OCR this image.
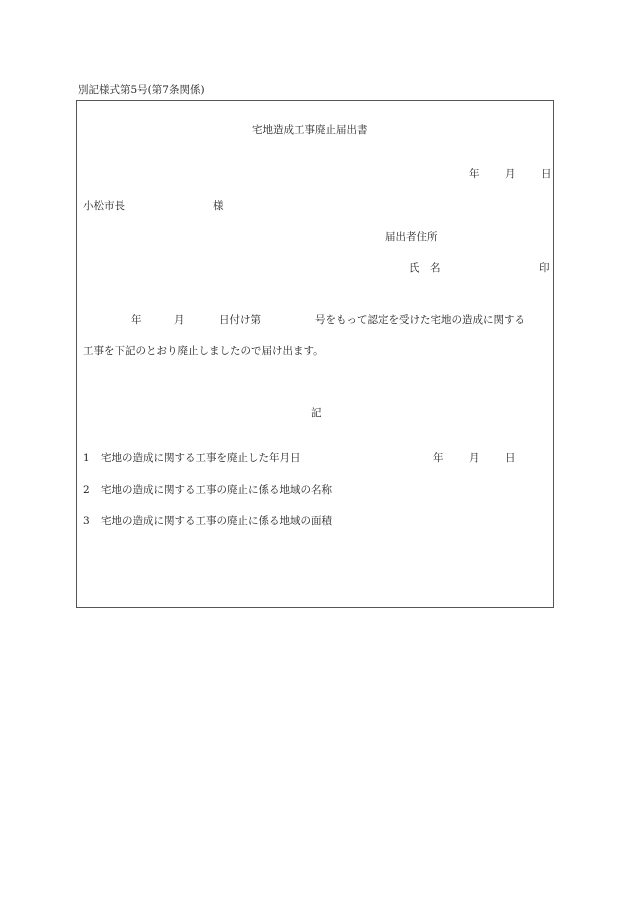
別記様式第5号(第7条関係)
宅地造成工事廃止届出書
年 月 日
小松市長	様
届出者住所
氏　名	印
年	月	日付け第	号をもって認定を受けた宅地の造成に関する
工事を下記のとおり廃止しましたので届け出ます。
記
1 宅地の造成に関する工事を廃止した年月日	年 月 日
2 宅地の造成に関する工事の廃止に係る地域の名称
3 宅地の造成に関する工事の廃止に係る地域の面積
